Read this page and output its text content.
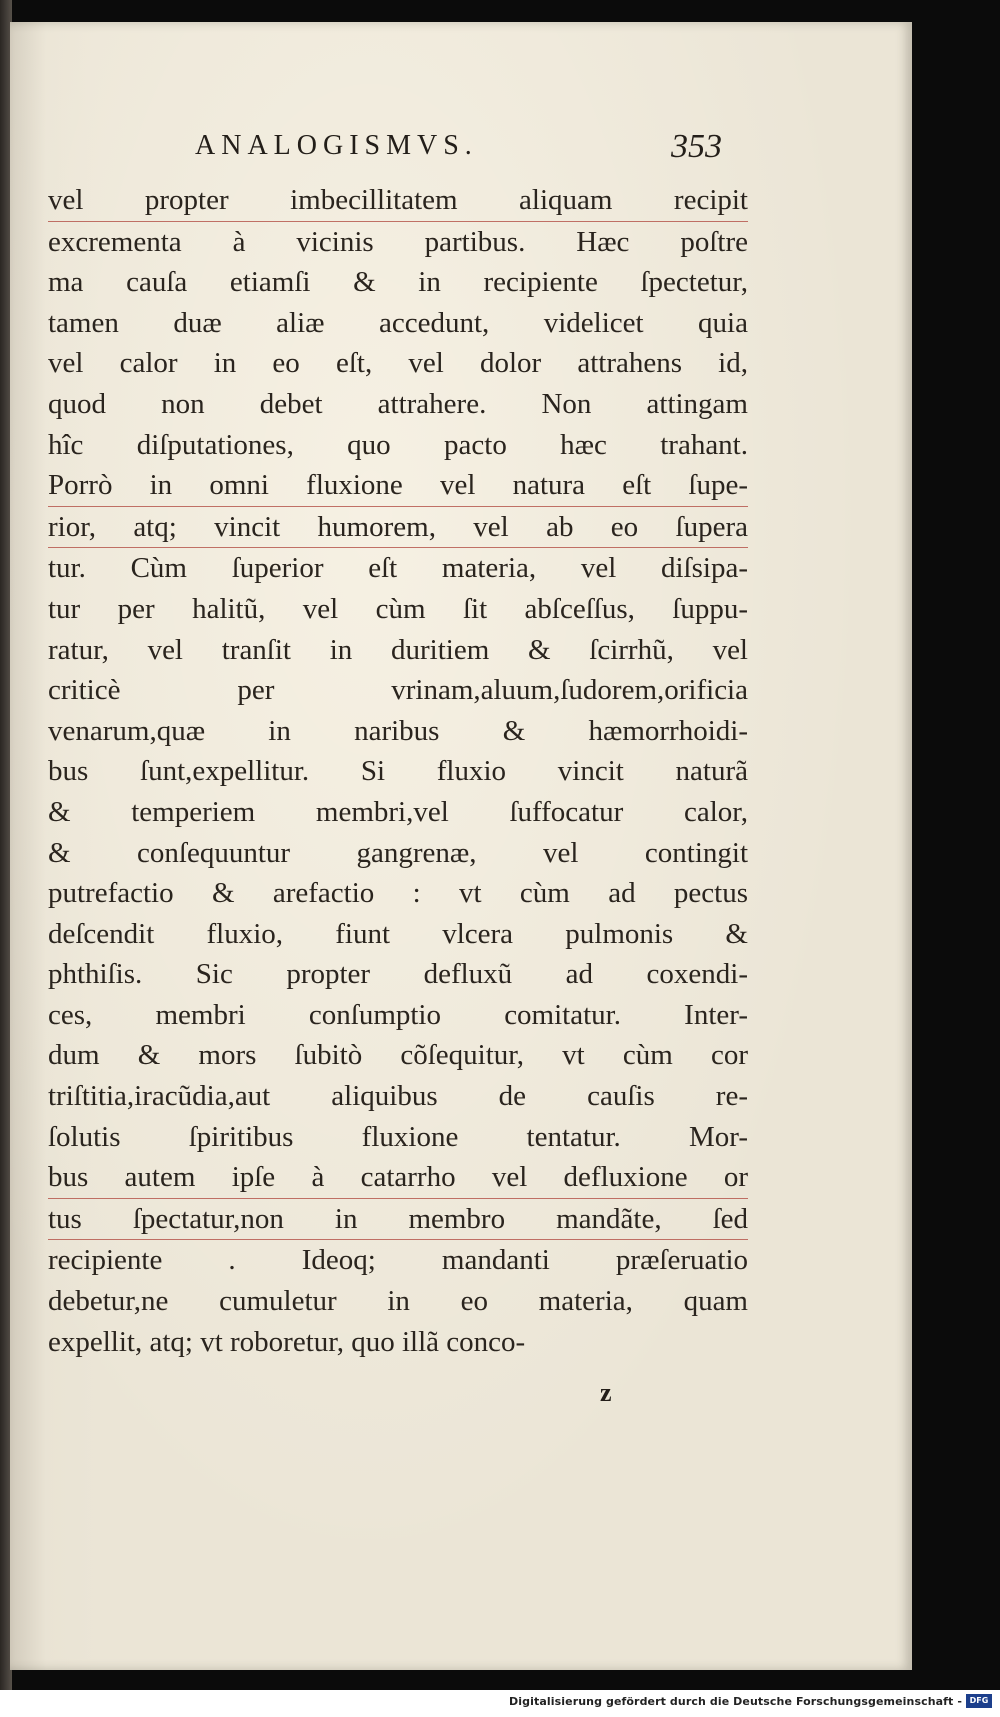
ANALOGISMVS.	353
vel propter imbecillitatem aliquam recipit
excrementa à vicinis partibus. Hæc poſtre
ma cauſa etiamſi & in recipiente ſpectetur,
tamen duæ aliæ accedunt, videlicet quia
vel calor in eo eſt, vel dolor attrahens id,
quod non debet attrahere. Non attingam
hîc diſputationes, quo pacto hæc trahant.
Porrò in omni fluxione vel natura eſt ſupe-
rior, atq; vincit humorem, vel ab eo ſupera
tur. Cùm ſuperior eſt materia, vel diſsipa-
tur per halitũ, vel cùm ſit abſceſſus, ſuppu-
ratur, vel tranſit in duritiem & ſcirrhũ, vel
criticè per vrinam,aluum,ſudorem,orificia
venarum,quæ in naribus & hæmorrhoidi-
bus ſunt,expellitur. Si fluxio vincit naturã
& temperiem membri,vel ſuffocatur calor,
& conſequuntur gangrenæ, vel contingit
putrefactio & arefactio : vt cùm ad pectus
deſcendit fluxio, fiunt vlcera pulmonis &
phthiſis. Sic propter defluxũ ad coxendi-
ces, membri conſumptio comitatur. Inter-
dum & mors ſubitò cõſequitur, vt cùm cor
triſtitia,iracũdia,aut aliquibus de cauſis re-
ſolutis ſpiritibus fluxione tentatur. Mor-
bus autem ipſe à catarrho vel defluxione or
tus ſpectatur,non in membro mandãte, ſed
recipiente . Ideoq; mandanti præſeruatio
debetur,ne cumuletur in eo materia, quam
expellit, atq; vt roboretur, quo illã conco-
z
Digitalisierung gefördert durch die Deutsche Forschungsgemeinschaft - DFG
